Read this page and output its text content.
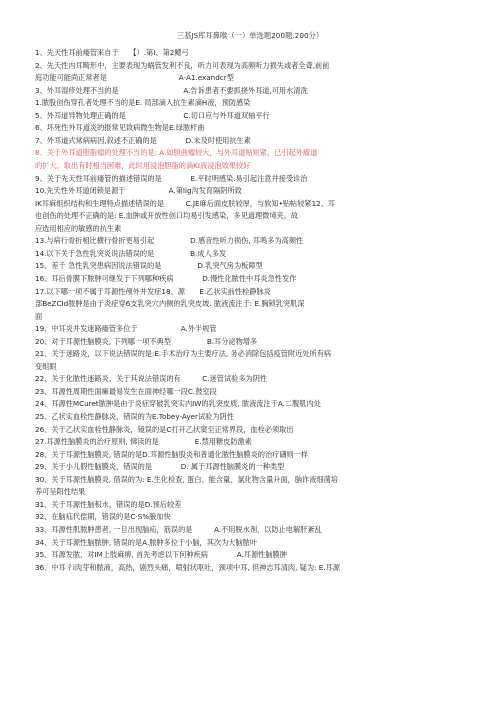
三基JS库耳鼻喉（一）单选题200题.200分）
1、先天性耳前瘘管来自于　　【）.第I、第2鳃弓
2、先天性内耳畸形中，主要表现为蜗管发利不良，听力可表现为高频听力损失或者全聋,前前
庭功能可能尚正常者是　　　　　　　　　　A-A1.exandcr型
3、外耳湿疹处理不当的是　　　　　　　　　A.告诉患者不要抓挠外耳道,可用水清洗
1.脓股创伤穿孔者处理不当的是E. 局部滴入抗生素滴H液，预防感染
5、外耳道异物处理正确的是　　　　　　　　C.切口应与外耳道双轴平行
6、坏死性外耳道炎的报常见致病微生物是E.绿脓杆曲
7、外耳道式常病病因,叙述不正确的是　　　　D.未及时使用抗生素
8、关于外耳道胆脂瘤的处理不当的是: A.如胆曲瘤较大，与外耳道贴短紧，已引起外瘤道
的扩大，取出有时相当困难，此时用浸泡胆脂的滴KI液浸泡效果较好
9、关于先天性耳前瘘管的描述错误的是　　　　E.平时明感染.易引起注意并接受诊治
10.先天性外耳道闭锁是源于　　　　　　A.第Ⅰig沟发育隔阴所致
IK耳麻组织结构和生理特点描述错误的是　　　C.JE麻后面皮肤较厚，与软知•贴帖较紧12、耳
也创伤的处理不正确的是: E.血肿或开放性创口均易引发感染，多见道理微境夹，故
应选用相应的敏感的抗生素
13.与病行骨折相比横行骨折更易引起　　　　　D.感音性听力损伤, 耳鸣多为高频性
14.以下关于急性乳突炎说法错误的是　　　　　B.成人多发
15、差千 急性乳突患病因说法错误的是　　　　　D.乳突气房为板障型
16、耳后骨膜下脓肿可继发于下列哪种疾病　　　　D.慢性化脓性中耳炎急性发作
17.以下哪一项不属于耳源性颅外并发症18、源　　E.乙状实前性栓静脉炎
部BeZCId脓肿是由于炎症穿6支乳突穴内侧的乳突皮坡. 脓液流注于: E.胸锁乳突肌深
面
19、中耳炎并发迷路瘘管多位于　　　　　　A.外半规管
20、对于耳源性脑膜炎, 下列哪一项不典型　　　　　B.耳分泌物增多
21、关于迷路炎，以下说法错误的是:E.手术治疗为主要疗法, 务必消除包括疫管附近处所有病
变组眼
22、关于化脓性迷路炎，关于其说法错误的有　　　C.迷管试验多为阴性
23、耳源性周期性面瘫最易发生在面神经哪一段C.鼓室段
24、耳源性MCuret脓肿是由于炎症穿破乳突实内IW的乳突皮质, 脓液流注于A.二腹肌内处
25、乙状实血栓性静脉炎，错误的为E.Tobey-Ayer试验为阴性
26、关于乙状实血栓性静脉炎，镜误的是C打开乙状窦至正常界段，血栓必须取出
27.耳源性脑膜炎的治疗原则, 怫读的是　　　　　E.禁用糖皮防激素
28、关于耳源性脑膜炎, 错误的是D.耳源性脑股炎和普通化脓性脑膜炎的治疗礴则一样
29、关于小儿假性脑膜炎，错误的是　　　　D. 属于耳源性脑膜炎的一种类型
30、关于耳源性脑膜炎, 借误的为: E.生化检查, 蛋白、能含量、氯化物含量升面，脑诈液细菌培
养可呈阳性结果
31、关于耳源性脑积水，错误的是D.预后较差
32、在脑疝代偿期，错误的是C·S%腋加快
33、耳源性肌脓肿患者, 一旦出现脑疝，筋误的是　　　A.不用脱水剂，以防止电解肝紊乱
34、关于耳源性脑脓肿, 错误的是A.脓肿多位于小脑，其次为大脑脓叶
35、耳源发脓，对IM上肢麻痹, 首先考虑以下何种疾病　　　　A.耳源性脑膜肿
36、中耳彳i肉芽和脓液，高热，剧烈头痛，喷射状呕吐，颈项中耳, 但神志耳清肉, 疑为: E.耳源
